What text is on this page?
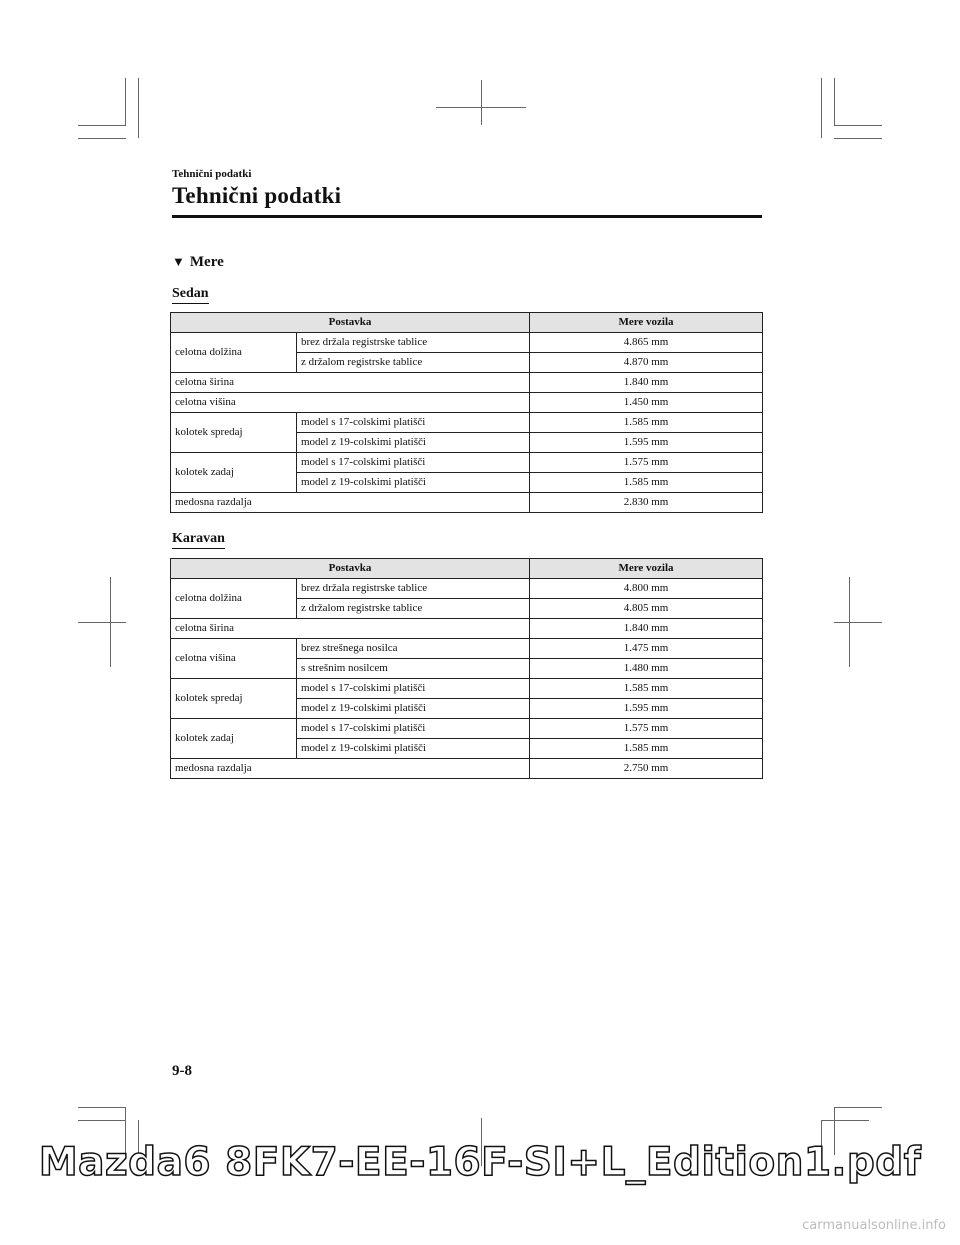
Tehnični podatki
Tehnični podatki
▼ Mere
Sedan
Postavka		Mere vozila
celotna dolžina	brez držala registrske tablice	4.865 mm
	z držalom registrske tablice	4.870 mm
celotna širina		1.840 mm
celotna višina		1.450 mm
kolotek spredaj	model s 17-colskimi platišči	1.585 mm
	model z 19-colskimi platišči	1.595 mm
kolotek zadaj	model s 17-colskimi platišči	1.575 mm
	model z 19-colskimi platišči	1.585 mm
medosna razdalja		2.830 mm
Karavan
Postavka		Mere vozila
celotna dolžina	brez držala registrske tablice	4.800 mm
	z držalom registrske tablice	4.805 mm
celotna širina		1.840 mm
celotna višina	brez strešnega nosilca	1.475 mm
	s strešnim nosilcem	1.480 mm
kolotek spredaj	model s 17-colskimi platišči	1.585 mm
	model z 19-colskimi platišči	1.595 mm
kolotek zadaj	model s 17-colskimi platišči	1.575 mm
	model z 19-colskimi platišči	1.585 mm
medosna razdalja		2.750 mm
9-8
Mazda6 8FK7-EE-16F-SI+L_Edition1.pdf
carmanualsonline.info
